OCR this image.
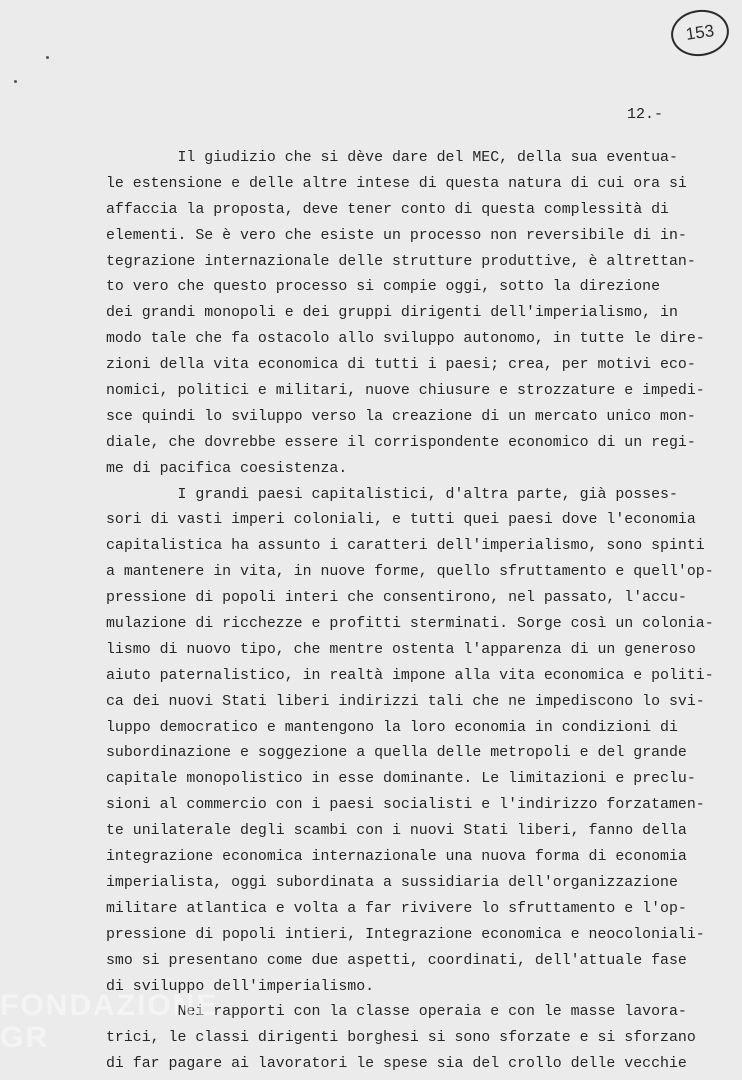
153
12.-
Il giudizio che si dève dare del MEC, della sua eventua-
le estensione e delle altre intese di questa natura di cui ora si
affaccia la proposta, deve tener conto di questa complessità di
elementi. Se è vero che esiste un processo non reversibile di in-
tegrazione internazionale delle strutture produttive, è altrettan-
to vero che questo processo si compie oggi, sotto la direzione
dei grandi monopoli e dei gruppi dirigenti dell'imperialismo, in
modo tale che fa ostacolo allo sviluppo autonomo, in tutte le dire-
zioni della vita economica di tutti i paesi; crea, per motivi eco-
nomici, politici e militari, nuove chiusure e strozzature e impedi-
sce quindi lo sviluppo verso la creazione di un mercato unico mon-
diale, che dovrebbe essere il corrispondente economico di un regi-
me di pacifica coesistenza.
I grandi paesi capitalistici, d'altra parte, già posses-
sori di vasti imperi coloniali, e tutti quei paesi dove l'economia
capitalistica ha assunto i caratteri dell'imperialismo, sono spinti
a mantenere in vita, in nuove forme, quello sfruttamento e quell'op-
pressione di popoli interi che consentirono, nel passato, l'accu-
mulazione di ricchezze e profitti sterminati. Sorge così un colonia-
lismo di nuovo tipo, che mentre ostenta l'apparenza di un generoso
aiuto paternalistico, in realtà impone alla vita economica e politi-
ca dei nuovi Stati liberi indirizzi tali che ne impediscono lo svi-
luppo democratico e mantengono la loro economia in condizioni di
subordinazione e soggezione a quella delle metropoli e del grande
capitale monopolistico in esse dominante. Le limitazioni e preclu-
sioni al commercio con i paesi socialisti e l'indirizzo forzatamen-
te unilaterale degli scambi con i nuovi Stati liberi, fanno della
integrazione economica internazionale una nuova forma di economia
imperialista, oggi subordinata a sussidiaria dell'organizzazione
militare atlantica e volta a far rivivere lo sfruttamento e l'op-
pressione di popoli intieri, Integrazione economica e neocoloniali-
smo si presentano come due aspetti, coordinati, dell'attuale fase
di sviluppo dell'imperialismo.
Nei rapporti con la classe operaia e con le masse lavora-
trici, le classi dirigenti borghesi si sono sforzate e si sforzano
di far pagare ai lavoratori le spese sia del crollo delle vecchie
FONDAZIONE
GR
